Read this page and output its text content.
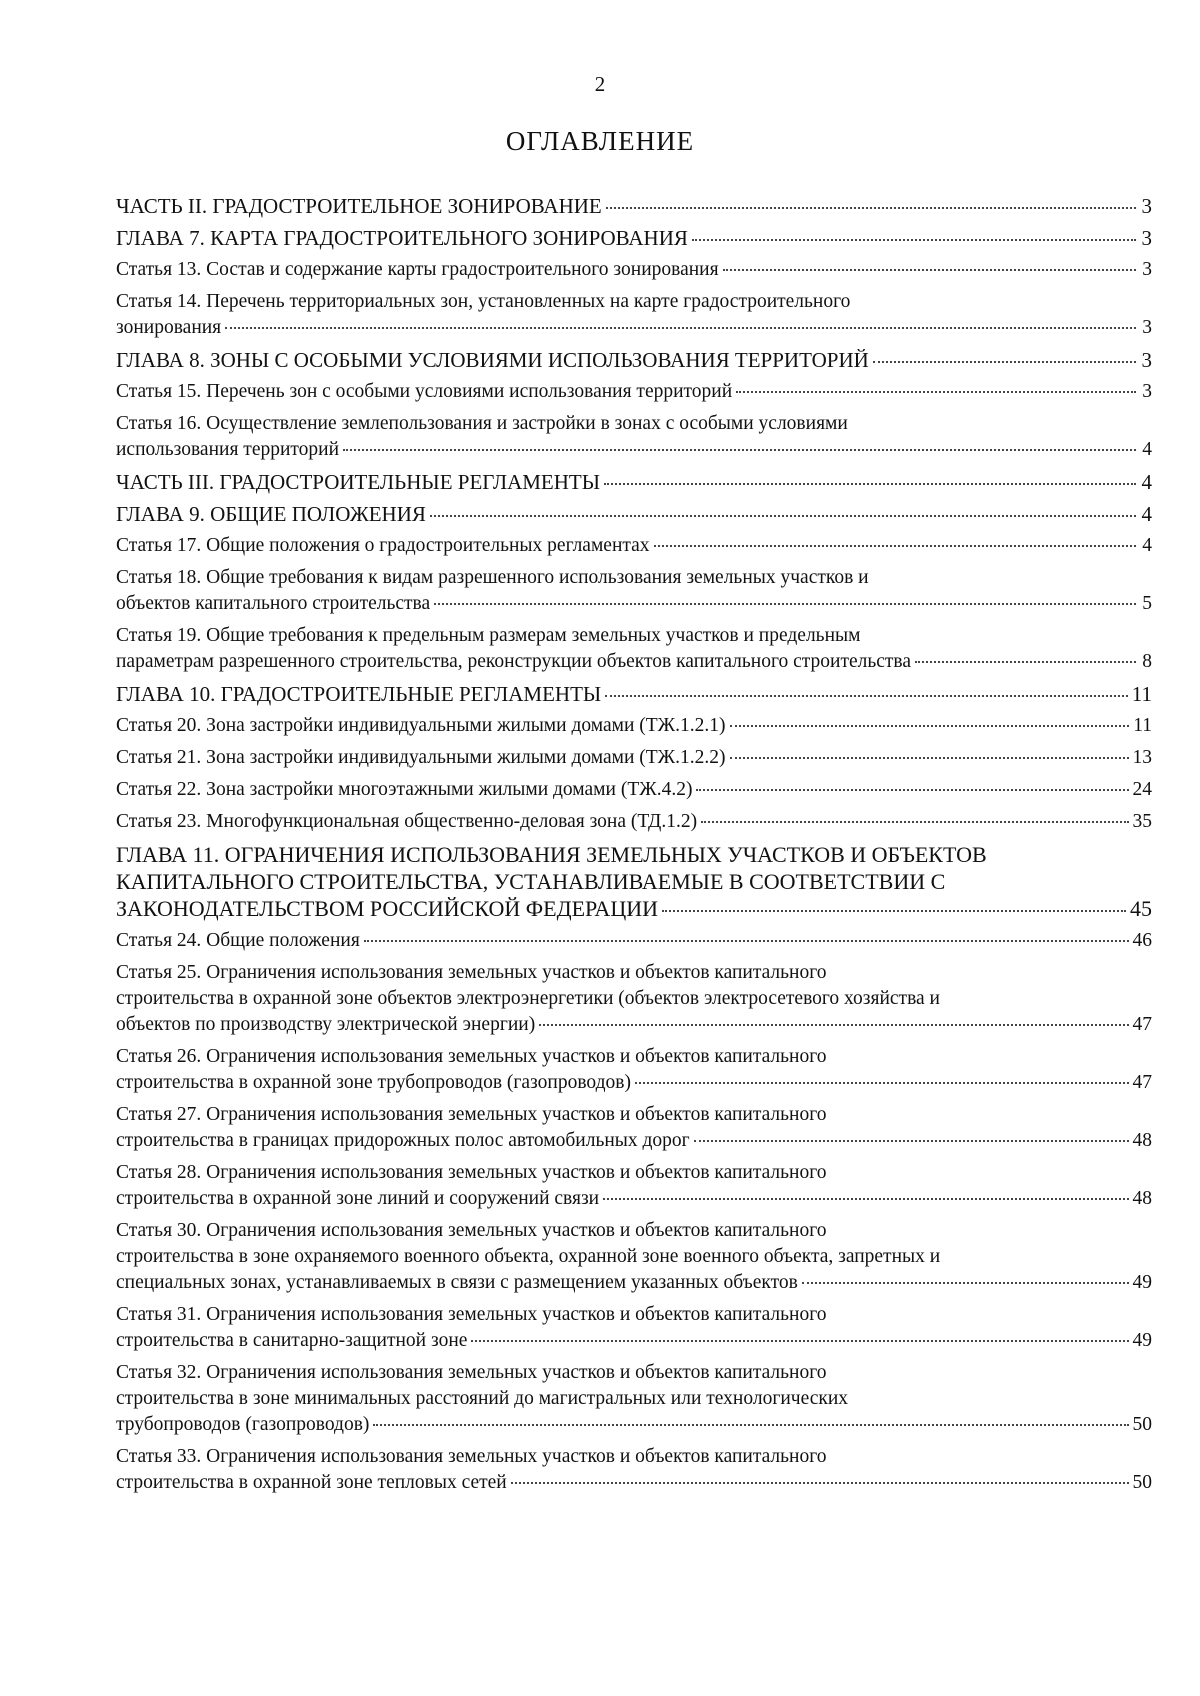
2
ОГЛАВЛЕНИЕ
ЧАСТЬ II. ГРАДОСТРОИТЕЛЬНОЕ ЗОНИРОВАНИЕ	3
ГЛАВА 7. КАРТА ГРАДОСТРОИТЕЛЬНОГО ЗОНИРОВАНИЯ	3
Статья 13. Состав и содержание карты градостроительного зонирования	3
Статья 14. Перечень территориальных зон, установленных на карте градостроительного
зонирования	3
ГЛАВА 8. ЗОНЫ С ОСОБЫМИ УСЛОВИЯМИ ИСПОЛЬЗОВАНИЯ ТЕРРИТОРИЙ	3
Статья 15. Перечень зон с особыми условиями использования территорий	3
Статья 16. Осуществление землепользования и застройки в зонах с особыми условиями
использования территорий	4
ЧАСТЬ III. ГРАДОСТРОИТЕЛЬНЫЕ РЕГЛАМЕНТЫ	4
ГЛАВА 9. ОБЩИЕ ПОЛОЖЕНИЯ	4
Статья 17. Общие положения о градостроительных регламентах	4
Статья 18. Общие требования к видам разрешенного использования земельных участков и
объектов капитального строительства	5
Статья 19. Общие требования к предельным размерам земельных участков и предельным
параметрам разрешенного строительства, реконструкции объектов капитального строительства	8
ГЛАВА 10. ГРАДОСТРОИТЕЛЬНЫЕ РЕГЛАМЕНТЫ	11
Статья 20. Зона застройки индивидуальными жилыми домами (ТЖ.1.2.1)	11
Статья 21. Зона застройки индивидуальными жилыми домами (ТЖ.1.2.2)	13
Статья 22. Зона застройки многоэтажными жилыми домами (ТЖ.4.2)	24
Статья 23. Многофункциональная общественно-деловая зона (ТД.1.2)	35
ГЛАВА 11. ОГРАНИЧЕНИЯ ИСПОЛЬЗОВАНИЯ ЗЕМЕЛЬНЫХ УЧАСТКОВ И ОБЪЕКТОВ
КАПИТАЛЬНОГО СТРОИТЕЛЬСТВА, УСТАНАВЛИВАЕМЫЕ В СООТВЕТСТВИИ С
ЗАКОНОДАТЕЛЬСТВОМ РОССИЙСКОЙ ФЕДЕРАЦИИ	45
Статья 24. Общие положения	46
Статья 25. Ограничения использования земельных участков и объектов капитального
строительства в охранной зоне объектов электроэнергетики (объектов электросетевого хозяйства и
объектов по производству электрической энергии)	47
Статья 26. Ограничения использования земельных участков и объектов капитального
строительства в охранной зоне трубопроводов (газопроводов)	47
Статья 27. Ограничения использования земельных участков и объектов капитального
строительства в границах придорожных полос автомобильных дорог	48
Статья 28. Ограничения использования земельных участков и объектов капитального
строительства в охранной зоне линий и сооружений связи	48
Статья 30. Ограничения использования земельных участков и объектов капитального
строительства в зоне охраняемого военного объекта, охранной зоне военного объекта, запретных и
специальных зонах, устанавливаемых в связи с размещением указанных объектов	49
Статья 31. Ограничения использования земельных участков и объектов капитального
строительства в санитарно-защитной зоне	49
Статья 32. Ограничения использования земельных участков и объектов капитального
строительства в зоне минимальных расстояний до магистральных или технологических
трубопроводов (газопроводов)	50
Статья 33. Ограничения использования земельных участков и объектов капитального
строительства в охранной зоне тепловых сетей	50
